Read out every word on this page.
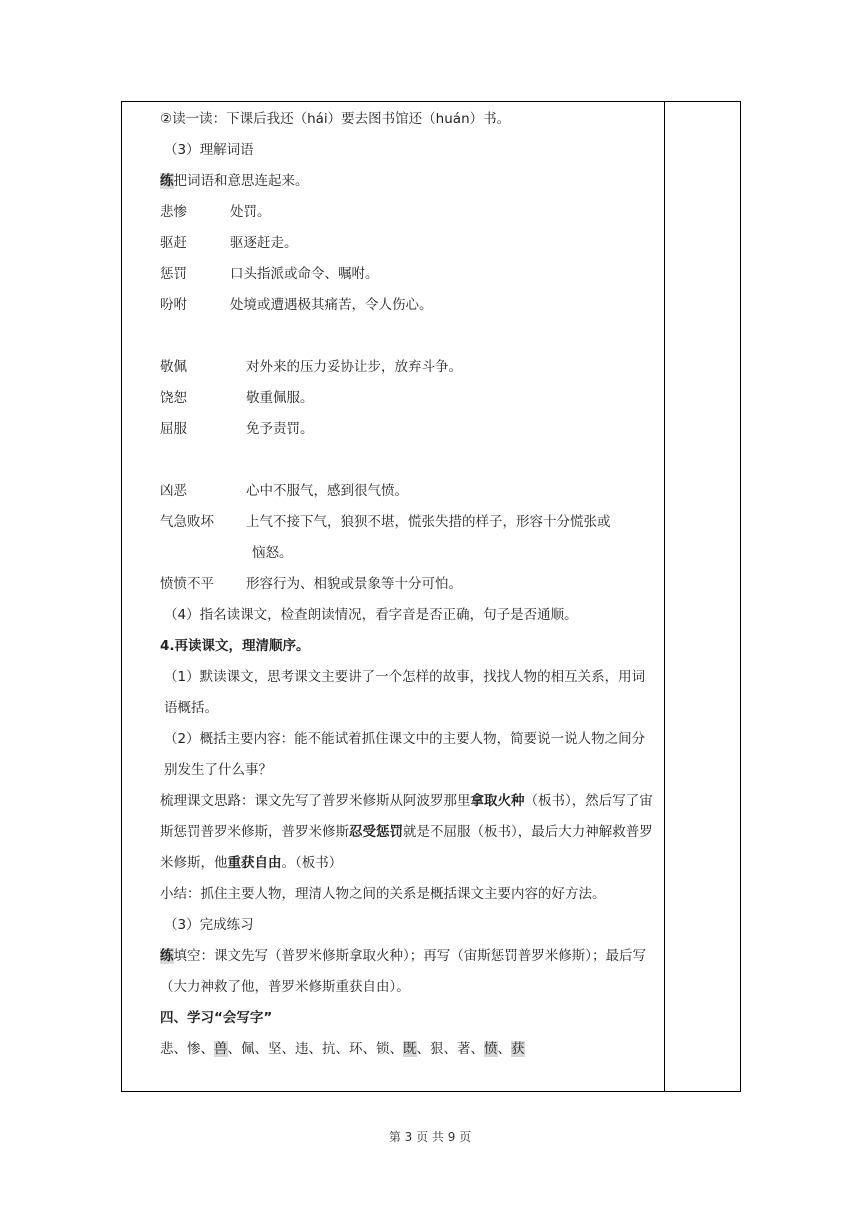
②读一读：下课后我还（hái）要去图书馆还（huán）书。
（3）理解词语
练把词语和意思连起来。
悲惨	处罚。
驱赶	驱逐赶走。
惩罚	口头指派或命令、嘱咐。
吩咐	处境或遭遇极其痛苦，令人伤心。
敬佩	对外来的压力妥协让步，放弃斗争。
饶恕	敬重佩服。
屈服	免予责罚。
凶恶	心中不服气，感到很气愤。
气急败坏 上气不接下气，狼狈不堪，慌张失措的样子，形容十分慌张或
恼怒。
愤愤不平 形容行为、相貌或景象等十分可怕。
（4）指名读课文，检查朗读情况，看字音是否正确，句子是否通顺。
4.再读课文，理清顺序。
（1）默读课文，思考课文主要讲了一个怎样的故事，找找人物的相互关系，用词语概括。
（2）概括主要内容：能不能试着抓住课文中的主要人物，简要说一说人物之间分别发生了什么事？
梳理课文思路：课文先写了普罗米修斯从阿波罗那里拿取火种（板书），然后写了宙斯惩罚普罗米修斯，普罗米修斯忍受惩罚就是不屈服（板书），最后大力神解救普罗米修斯，他重获自由。（板书）
小结：抓住主要人物，理清人物之间的关系是概括课文主要内容的好方法。
（3）完成练习
练填空：课文先写（普罗米修斯拿取火种）；再写（宙斯惩罚普罗米修斯）；最后写（大力神救了他，普罗米修斯重获自由）。
四、学习“会写字”
悲、惨、兽、佩、坚、违、抗、环、锁、既、狠、著、愤、获
第 3 页 共 9 页
